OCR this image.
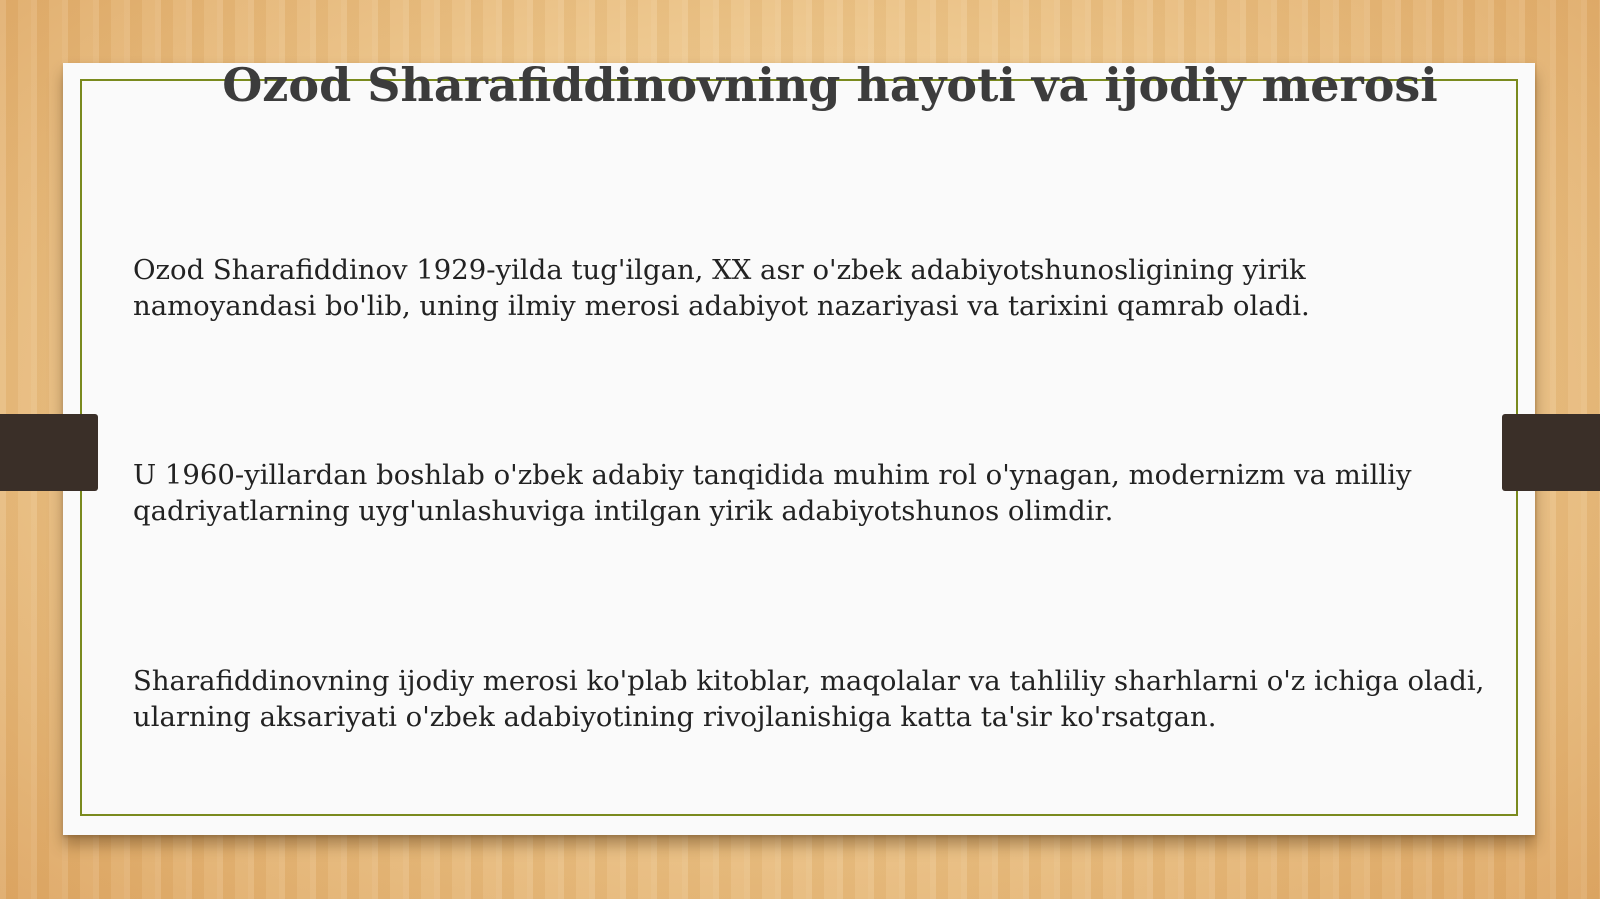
Ozod Sharafiddinovning hayoti va ijodiy merosi

Ozod Sharafiddinov 1929-yilda tug'ilgan, XX asr o'zbek adabiyotshunosligining yirik
namoyandasi bo'lib, uning ilmiy merosi adabiyot nazariyasi va tarixini qamrab oladi.

U 1960-yillardan boshlab o'zbek adabiy tanqidida muhim rol o'ynagan, modernizm va milliy
qadriyatlarning uyg'unlashuviga intilgan yirik adabiyotshunos olimdir.

Sharafiddinovning ijodiy merosi ko'plab kitoblar, maqolalar va tahliliy sharhlarni o'z ichiga oladi,
ularning aksariyati o'zbek adabiyotining rivojlanishiga katta ta'sir ko'rsatgan.
